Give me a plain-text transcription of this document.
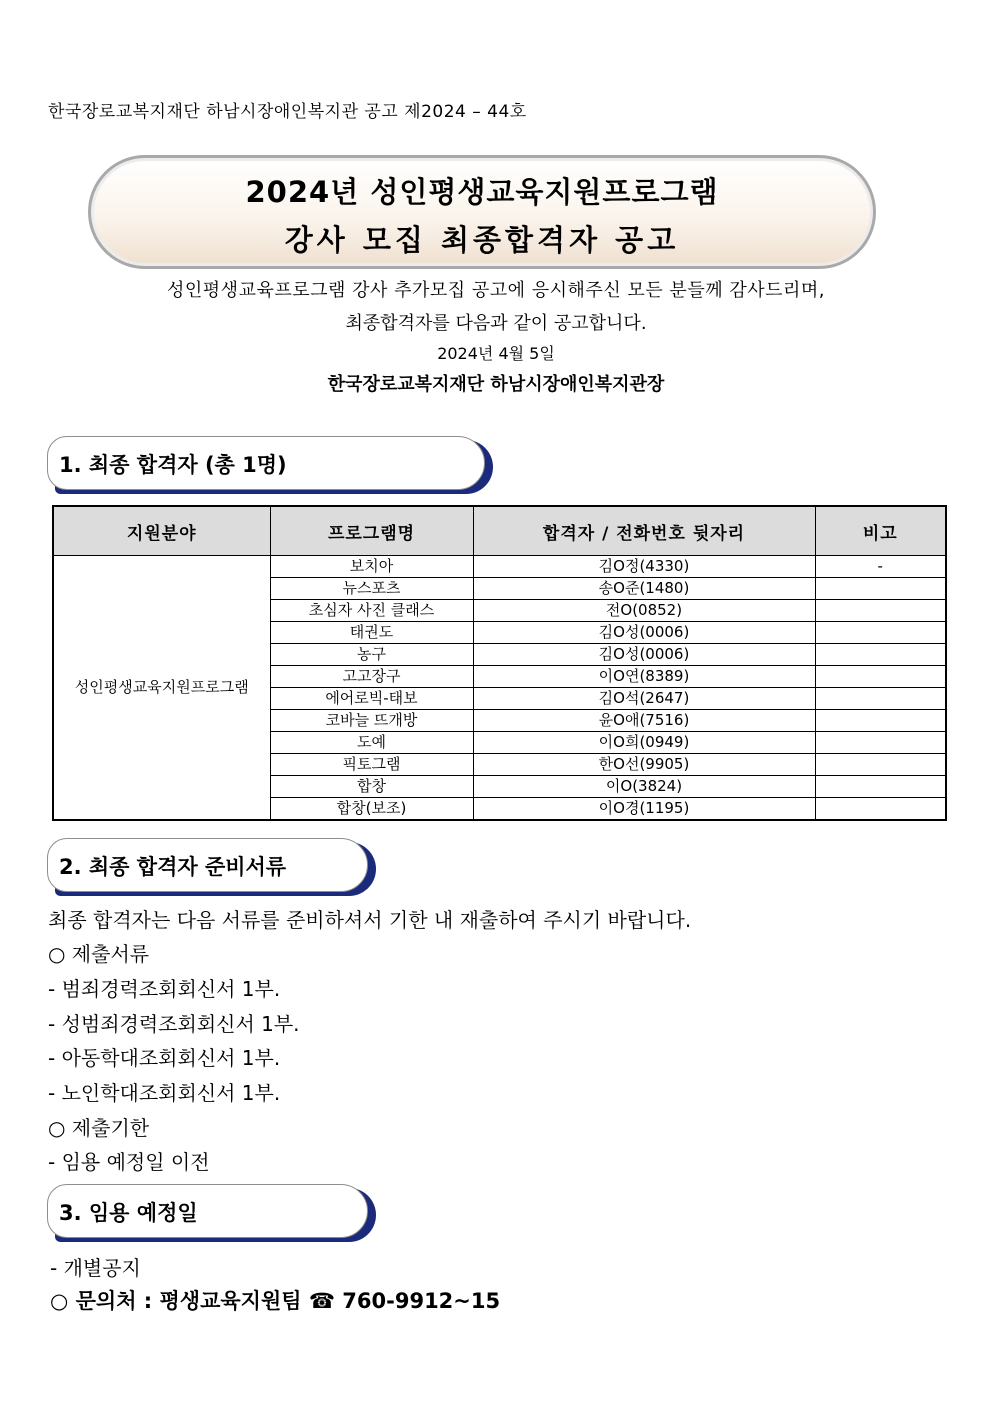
한국장로교복지재단 하남시장애인복지관 공고 제2024 – 44호
2024년 성인평생교육지원프로그램
강사 모집 최종합격자 공고
성인평생교육프로그램 강사 추가모집 공고에 응시해주신 모든 분들께 감사드리며,
최종합격자를 다음과 같이 공고합니다.
2024년 4월 5일
한국장로교복지재단 하남시장애인복지관장
1. 최종 합격자 (총 1명)
지원분야	프로그램명	합격자 / 전화번호 뒷자리	비고
성인평생교육지원프로그램	보치아	김O정(4330)	-
	뉴스포츠	송O준(1480)	
	초심자 사진 클래스	전O(0852)	
	태권도	김O성(0006)	
	농구	김O성(0006)	
	고고장구	이O연(8389)	
	에어로빅-태보	김O석(2647)	
	코바늘 뜨개방	윤O애(7516)	
	도예	이O희(0949)	
	픽토그램	한O선(9905)	
	합창	이O(3824)	
	합창(보조)	이O경(1195)	
2. 최종 합격자 준비서류
최종 합격자는 다음 서류를 준비하셔서 기한 내 재출하여 주시기 바랍니다.
○ 제출서류
- 범죄경력조회회신서 1부.
- 성범죄경력조회회신서 1부.
- 아동학대조회회신서 1부.
- 노인학대조회회신서 1부.
○ 제출기한
- 임용 예정일 이전
3. 임용 예정일
- 개별공지
○ 문의처 : 평생교육지원팀 ☎ 760-9912~15
